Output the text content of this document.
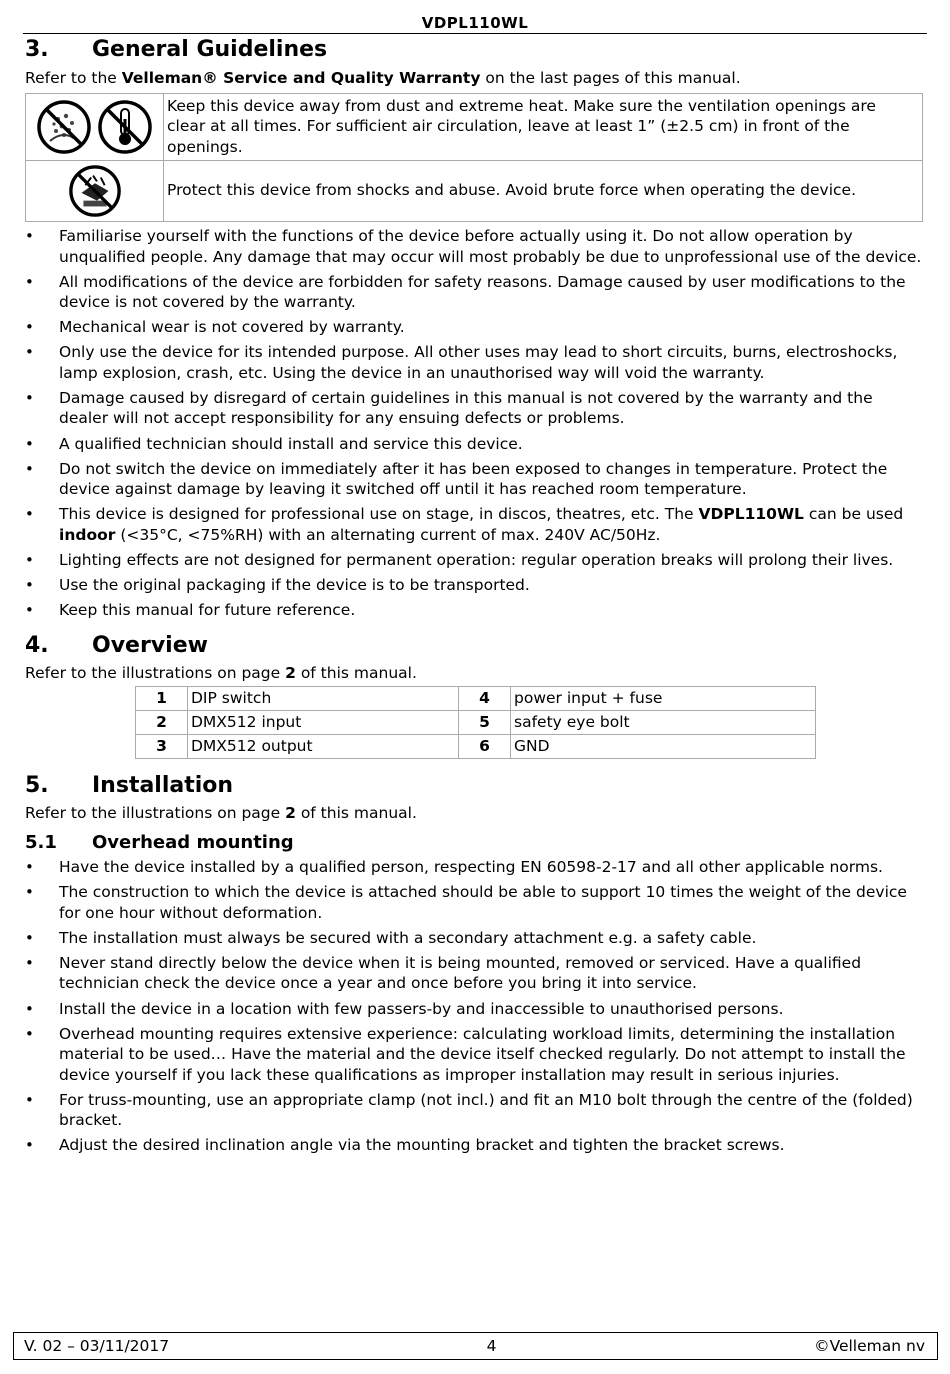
VDPL110WL
3.	General Guidelines

Refer to the Velleman® Service and Quality Warranty on the last pages of this manual.

	Keep this device away from dust and extreme heat. Make sure the ventilation openings are clear at all times. For sufficient air circulation, leave at least 1” (±2.5 cm) in front of the openings.
	Protect this device from shocks and abuse. Avoid brute force when operating the device.
• Familiarise yourself with the functions of the device before actually using it. Do not allow operation by unqualified people. Any damage that may occur will most probably be due to unprofessional use of the device.
• All modifications of the device are forbidden for safety reasons. Damage caused by user modifications to the device is not covered by the warranty.
• Mechanical wear is not covered by warranty.
• Only use the device for its intended purpose. All other uses may lead to short circuits, burns, electroshocks, lamp explosion, crash, etc. Using the device in an unauthorised way will void the warranty.
• Damage caused by disregard of certain guidelines in this manual is not covered by the warranty and the dealer will not accept responsibility for any ensuing defects or problems.
• A qualified technician should install and service this device.
• Do not switch the device on immediately after it has been exposed to changes in temperature. Protect the device against damage by leaving it switched off until it has reached room temperature.
• This device is designed for professional use on stage, in discos, theatres, etc. The VDPL110WL can be used indoor (<35°C, <75%RH) with an alternating current of max. 240V AC/50Hz.
• Lighting effects are not designed for permanent operation: regular operation breaks will prolong their lives.
• Use the original packaging if the device is to be transported.
• Keep this manual for future reference.
4.	Overview

Refer to the illustrations on page 2 of this manual.

1	DIP switch	4	power input + fuse
2	DMX512 input	5	safety eye bolt
3	DMX512 output	6	GND
5.	Installation

Refer to the illustrations on page 2 of this manual.

5.1	Overhead mounting
• Have the device installed by a qualified person, respecting EN 60598-2-17 and all other applicable norms.
• The construction to which the device is attached should be able to support 10 times the weight of the device for one hour without deformation.
• The installation must always be secured with a secondary attachment e.g. a safety cable.
• Never stand directly below the device when it is being mounted, removed or serviced. Have a qualified technician check the device once a year and once before you bring it into service.
• Install the device in a location with few passers-by and inaccessible to unauthorised persons.
• Overhead mounting requires extensive experience: calculating workload limits, determining the installation material to be used… Have the material and the device itself checked regularly. Do not attempt to install the device yourself if you lack these qualifications as improper installation may result in serious injuries.
• For truss-mounting, use an appropriate clamp (not incl.) and fit an M10 bolt through the centre of the (folded) bracket.
• Adjust the desired inclination angle via the mounting bracket and tighten the bracket screws.
V. 02 – 03/11/2017	4	©Velleman nv
